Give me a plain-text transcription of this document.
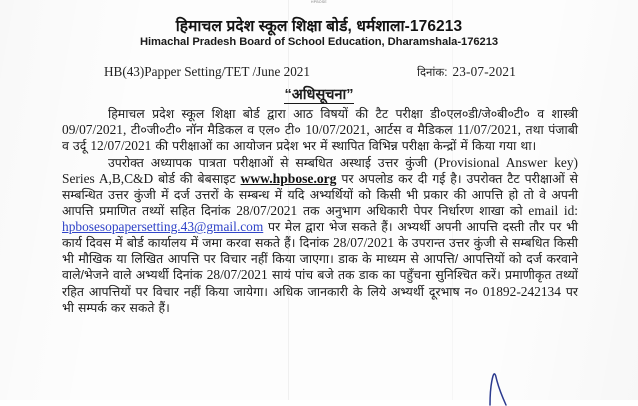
HPBOSE
हिमाचल प्रदेश स्कूल शिक्षा बोर्ड, धर्मशाला-176213
Himachal Pradesh Board of School Education, Dharamshala-176213
HB(43)Papper Setting/TET /June 2021	दिनांक: 23-07-2021
“अधिसूचना”

हिमाचल प्रदेश स्कूल शिक्षा बोर्ड द्वारा आठ विषयों की टैट परीक्षा डी०एल०डी/जे०बी०टी० व शास्त्री 09/07/2021, टी०जी०टी० नॉन मैडिकल व एल० टी० 10/07/2021, आर्टस व मैडिकल 11/07/2021, तथा पंजाबी व उर्दू 12/07/2021 की परीक्षाओं का आयोजन प्रदेश भर में स्थापित विभिन्न परीक्षा केन्द्रों में किया गया था।

उपरोक्त अध्यापक पात्रता परीक्षाओं से सम्बधित अस्थाई उत्तर कुंजी (Provisional Answer key) Series A,B,C&D बोर्ड की बेबसाइट www.hpbose.org पर अपलोड कर दी गई है। उपरोक्त टैट परीक्षाओं से सम्बन्धित उत्तर कुंजी में दर्ज उत्तरों के सम्बन्ध में यदि अभ्यर्थियों को किसी भी प्रकार की आपत्ति हो तो वे अपनी आपत्ति प्रमाणित तथ्यों सहित दिनांक 28/07/2021 तक अनुभाग अधिकारी पेपर निर्धारण शाखा को email id: hpbosesopapersetting.43@gmail.com पर मेल द्वारा भेज सकते हैं। अभ्यर्थी अपनी आपत्ति दस्ती तौर पर भी कार्य दिवस में बोर्ड कार्यालय में जमा करवा सकते हैं। दिनांक 28/07/2021 के उपरान्त उत्तर कुंजी से सम्बधित किसी भी मौखिक या लिखित आपत्ति पर विचार नहीं किया जाएगा। डाक के माध्यम से आपत्ति/ आपत्तियों को दर्ज करवाने वाले/भेजने वाले अभ्यर्थी दिनांक 28/07/2021 सायं पांच बजे तक डाक का पहुँचना सुनिश्चित करें। प्रमाणीकृत तथ्यों रहित आपत्तियों पर विचार नहीं किया जायेगा। अधिक जानकारी के लिये अभ्यर्थी दूरभाष न० 01892-242134 पर भी सम्पर्क कर सकते हैं।
